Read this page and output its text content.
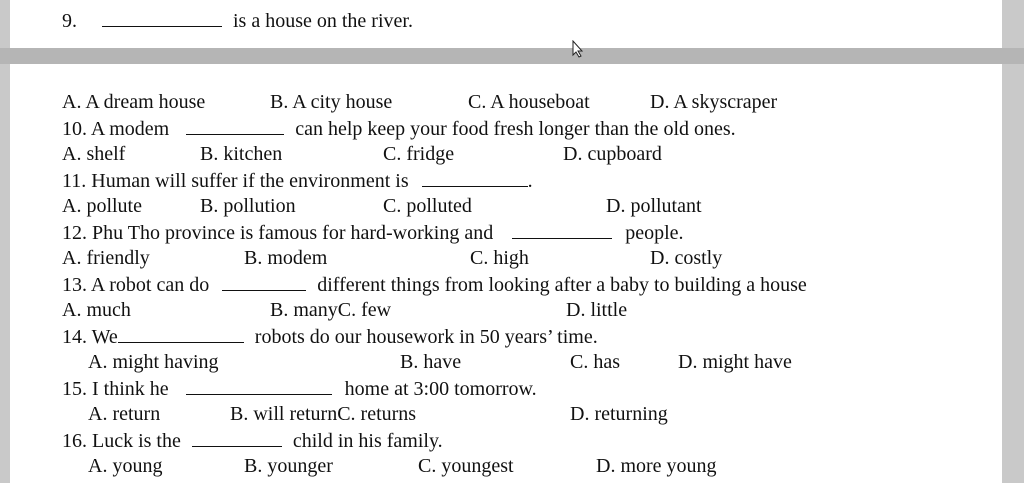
9.	is a house on the river.
A. A dream house	B. A city house	C. A houseboat	D. A skyscraper
10. A modem	can help keep your food fresh longer than the old ones.
A. shelf	B. kitchen	C. fridge	D. cupboard
11. Human will suffer if the environment is	.
A. pollute	B. pollution	C. polluted	D. pollutant
12. Phu Tho province is famous for hard-working and	people.
A. friendly	B. modem	C. high	D. costly
13. A robot can do	different things from looking after a baby to building a house
A. much	B. manyC. few	D. little
14. We	robots do our housework in 50 years’ time.
A. might having	B. have	C. has	D. might have
15. I think he	home at 3:00 tomorrow.
A. return	B. will returnC. returns	D. returning
16. Luck is the	child in his family.
A. young	B. younger	C. youngest	D. more young
